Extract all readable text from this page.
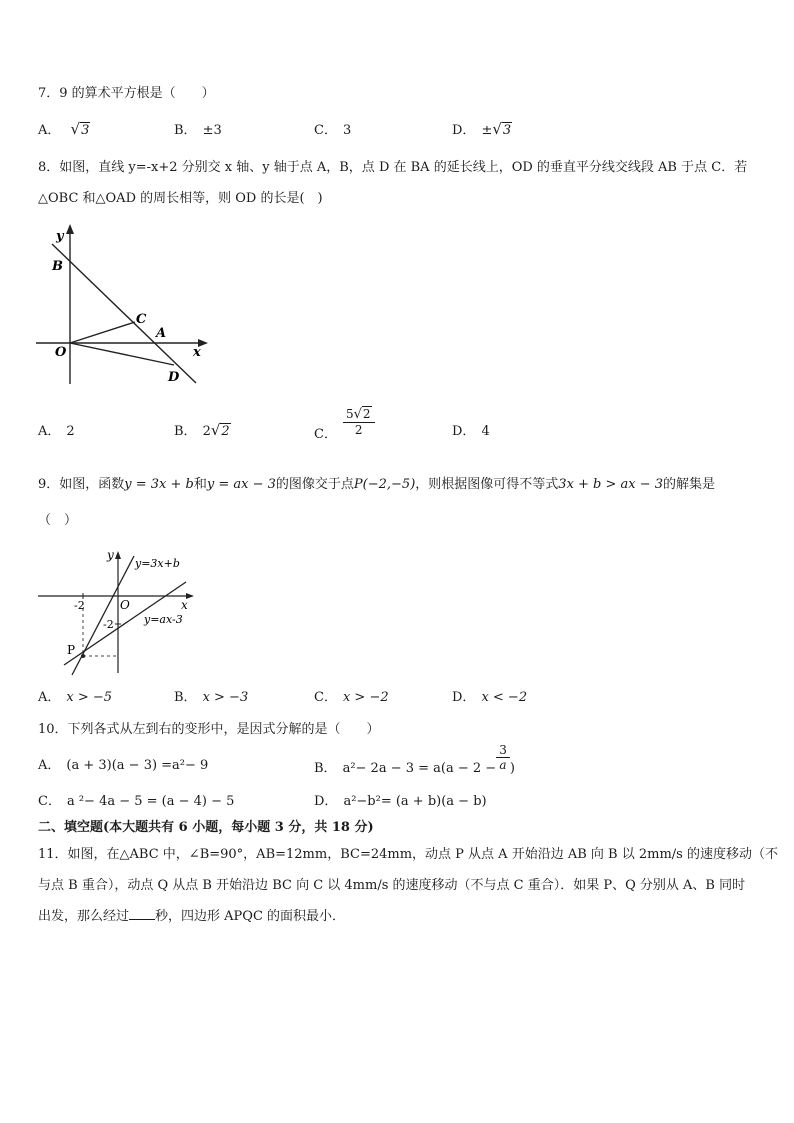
7．9 的算术平方根是（　　）
A． √3	B． ±3	C． 3	D． ±√3
8．如图，直线 y=-x+2 分别交 x 轴、y 轴于点 A，B，点 D 在 BA 的延长线上，OD 的垂直平分线交线段 AB 于点 C．若
△OBC 和△OAD 的周长相等，则 OD 的长是(　)
y
B
C
A
O	x
D
A． 2	B． 2√2	C． $\frac{5√2}{2}$	D． 4
9．如图，函数y = 3x + b和y = ax − 3的图像交于点P(−2,−5)，则根据图像可得不等式3x + b > ax − 3的解集是
（　）
y
y=3x+b
-2	O	x
-2	y=ax-3
P
A． x > −5	B． x > −3	C． x > −2	D． x < −2
10．下列各式从左到右的变形中，是因式分解的是（　　）
A． (a + 3)(a − 3) =a²− 9	B． $a^2- 2a - 3 = a(a - 2 - \frac{3}{a}$ )
C． a ²− 4a − 5 = (a − 4) − 5	D． a²−b²= (a + b)(a − b)
二、填空题(本大题共有 6 小题，每小题 3 分，共 18 分)
11．如图，在△ABC 中，∠B=90°，AB=12mm，BC=24mm，动点 P 从点 A 开始沿边 AB 向 B 以 2mm/s 的速度移动（不
与点 B 重合），动点 Q 从点 B 开始沿边 BC 向 C 以 4mm/s 的速度移动（不与点 C 重合）．如果 P、Q 分别从 A、B 同时
出发，那么经过 秒，四边形 APQC 的面积最小．
